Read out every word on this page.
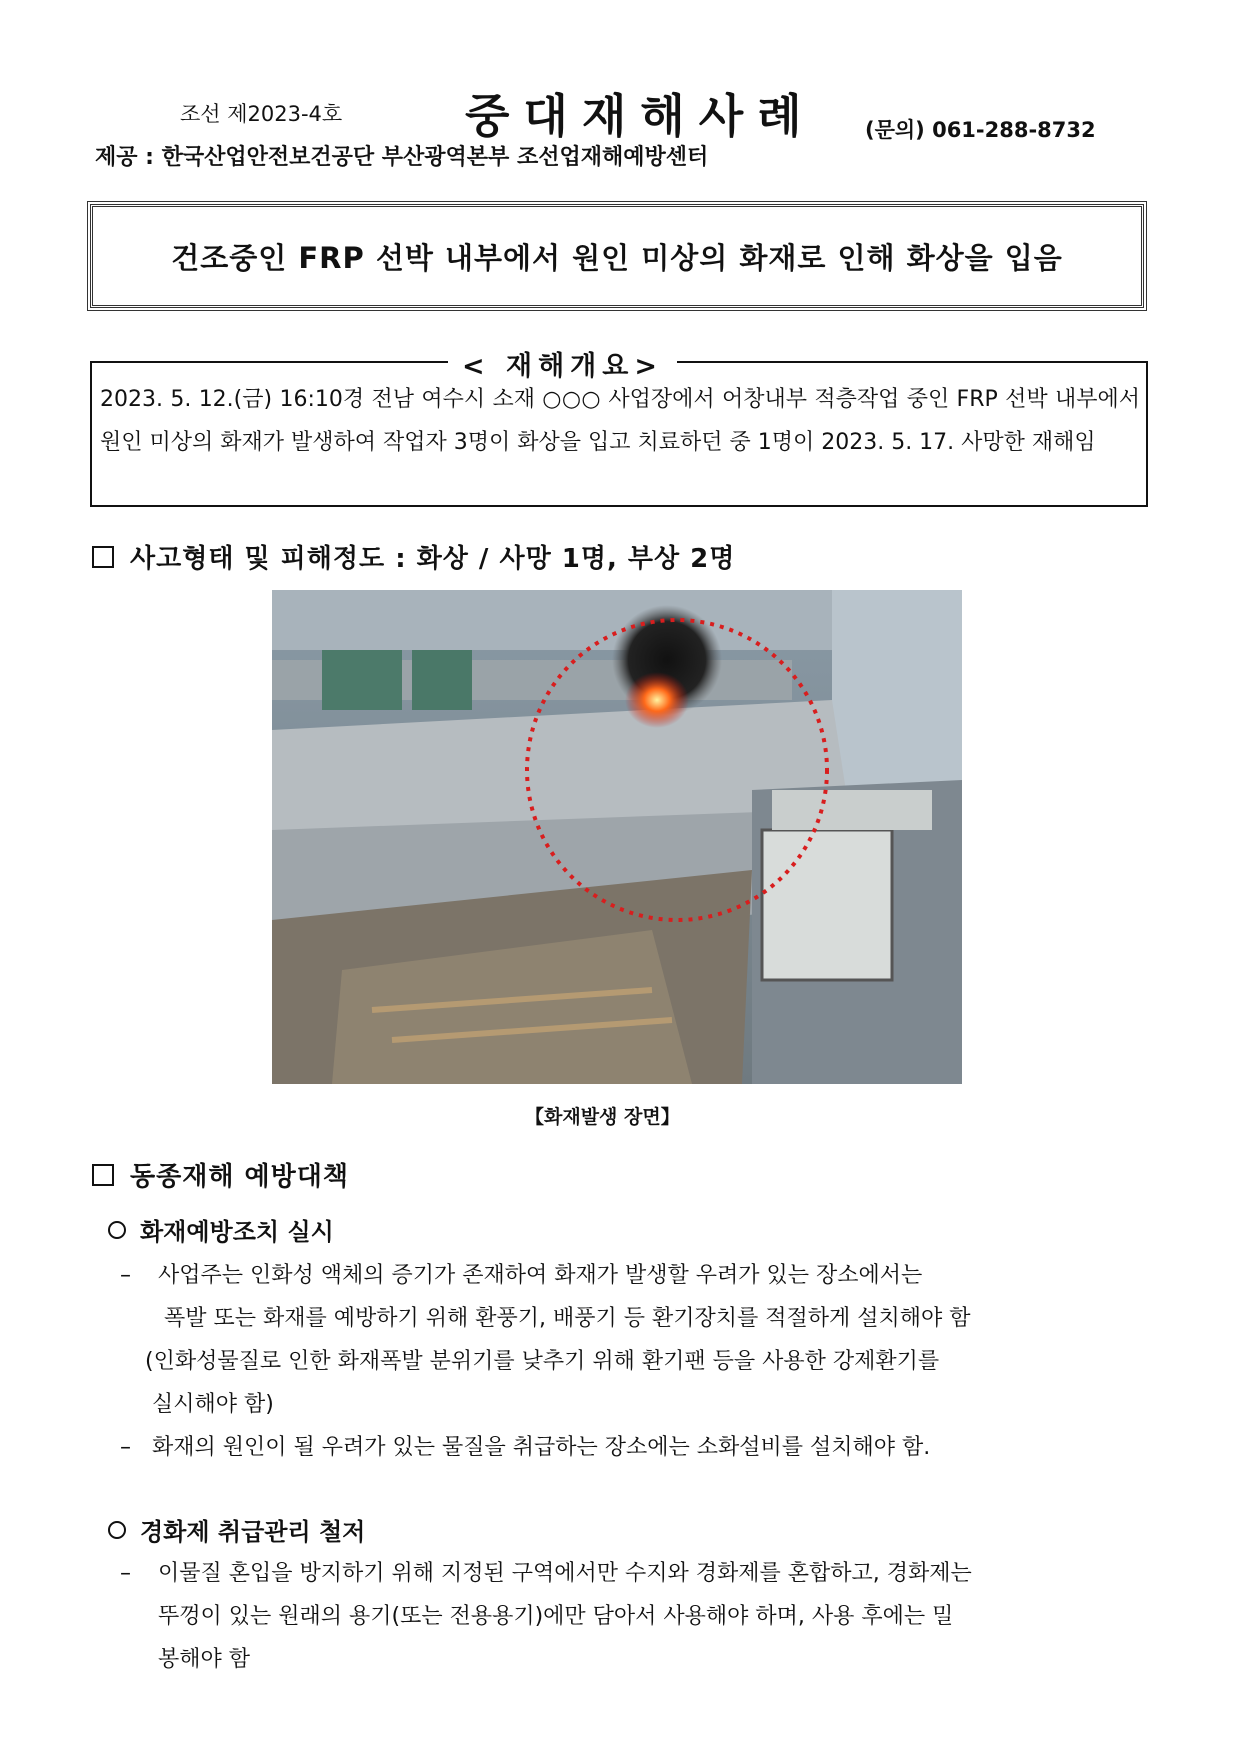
조선 제2023-4호	중대재해사례 (문의) 061-288-8732
제공 : 한국산업안전보건공단 부산광역본부 조선업재해예방센터
건조중인 FRP 선박 내부에서 원인 미상의 화재로 인해 화상을 입음
< 재해개요>
2023. 5. 12.(금) 16:10경 전남 여수시 소재 ○○○ 사업장에서 어창내부 적층작업 중인 FRP 선박 내부에서 원인 미상의 화재가 발생하여 작업자 3명이 화상을 입고 치료하던 중 1명이 2023. 5. 17. 사망한 재해임
사고형태 및 피해정도 : 화상 / 사망 1명, 부상 2명
【화재발생 장면】
동종재해 예방대책
화재예방조치 실시
–	사업주는 인화성 액체의 증기가 존재하여 화재가 발생할 우려가 있는 장소에서는
폭발 또는 화재를 예방하기 위해 환풍기, 배풍기 등 환기장치를 적절하게 설치해야 함
(인화성물질로 인한 화재폭발 분위기를 낮추기 위해 환기팬 등을 사용한 강제환기를
실시해야 함)
– 화재의 원인이 될 우려가 있는 물질을 취급하는 장소에는 소화설비를 설치해야 함.
경화제 취급관리 철저
–	이물질 혼입을 방지하기 위해 지정된 구역에서만 수지와 경화제를 혼합하고, 경화제는
뚜껑이 있는 원래의 용기(또는 전용용기)에만 담아서 사용해야 하며, 사용 후에는 밀
봉해야 함
